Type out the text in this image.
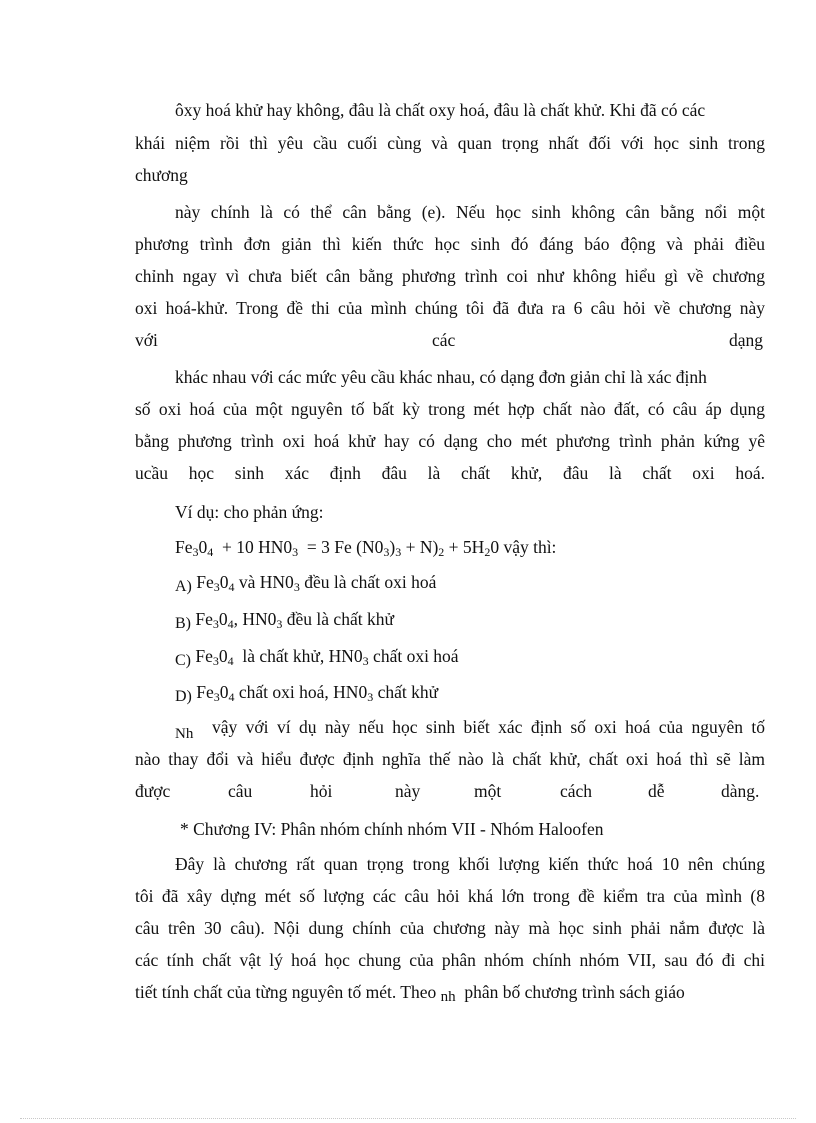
ôxy hoá khử hay không, đâu là chất oxy hoá, đâu là chất khử. Khi đã có các
khái niệm rồi thì yêu cầu cuối cùng và quan trọng nhất đối với học sinh trong
chương
này chính là có thể cân bằng (e). Nếu học sinh không cân bằng nổi một
phương trình đơn giản thì kiến thức học sinh đó đáng báo động và phải điều
chỉnh ngay vì chưa biết cân bằng phương trình coi như không hiểu gì về chương
oxi hoá-khử. Trong đề thi của mình chúng tôi đã đưa ra 6 câu hỏi về chương này
với	các	dạng
khác nhau với các mức yêu cầu khác nhau, có dạng đơn giản chỉ là xác định
số oxi hoá của một nguyên tố bất kỳ trong mét hợp chất nào đất, có câu áp dụng
bằng phương trình oxi hoá khử hay có dạng cho mét phương trình phản kứng yê
ucầu học sinh xác định đâu là chất khử, đâu là chất oxi hoá.
Ví dụ: cho phản ứng:
$Fe_30_4 + 10$ $HN0_3 = 3$ Fe $(N0_3)_3 + N)_2 + 5H_20$ vậy thì:
A) $Fe_30_4$ và $HN0_3$ đều là chất oxi hoá
B) $Fe_30_4$, $HN0_3$ đều là chất khử
C) $Fe_30_4$  là chất khử, $HN0_3$ chất oxi hoá
D) $Fe_30_4$ chất oxi hoá, $HN0_3$ chất khử
Nh vậy với ví dụ này nếu học sinh biết xác định số oxi hoá của nguyên tố
nào thay đổi và hiểu được định nghĩa thế nào là chất khử, chất oxi hoá thì sẽ làm
được	câu	hỏi	này	một	cách	dễ	dàng.
* Chương IV: Phân nhóm chính nhóm VII - Nhóm Haloofen
Đây là chương rất quan trọng trong khối lượng kiến thức hoá 10 nên chúng
tôi đã xây dựng mét số lượng các câu hỏi khá lớn trong đề kiểm tra của mình (8
câu trên 30 câu). Nội dung chính của chương này mà học sinh phải nắm được là
các tính chất vật lý hoá học chung của phân nhóm chính nhóm VII, sau đó đi chi
tiết tính chất của từng nguyên tố mét. Theo nh phân bố chương trình sách giáo
